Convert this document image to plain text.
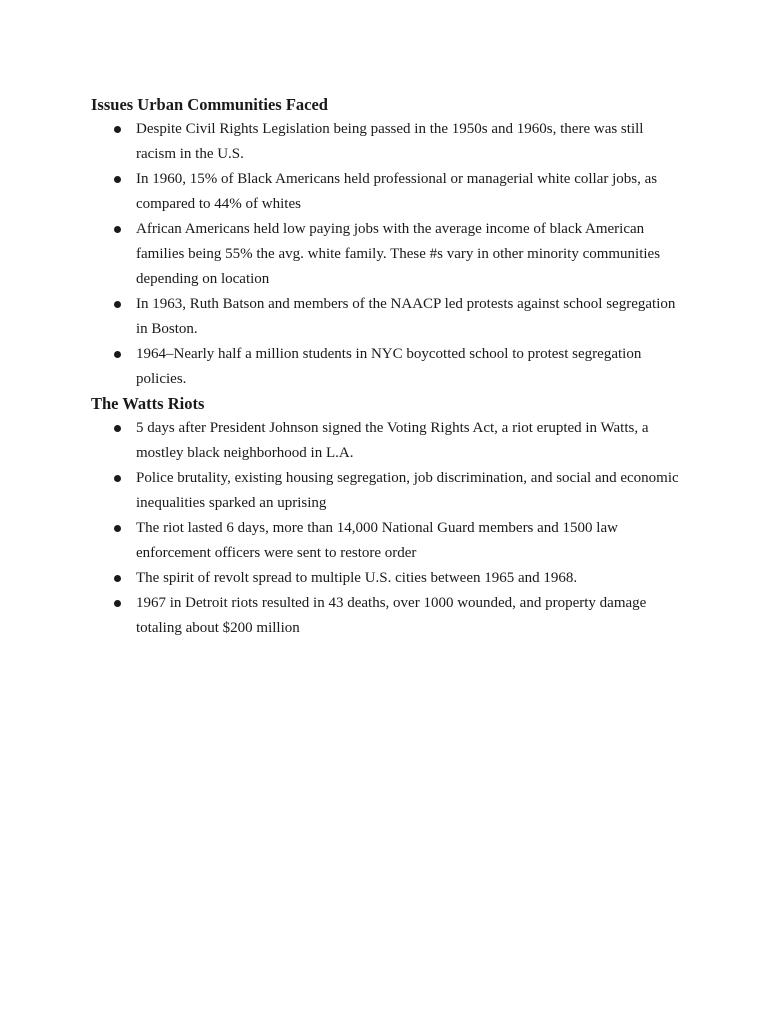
Issues Urban Communities Faced
Despite Civil Rights Legislation being passed in the 1950s and 1960s, there was still racism in the U.S.
In 1960, 15% of Black Americans held professional or managerial white collar jobs, as compared to 44% of whites
African Americans held low paying jobs with the average income of black American families being 55% the avg. white family. These #s vary in other minority communities depending on location
In 1963, Ruth Batson and members of the NAACP led protests against school segregation in Boston.
1964–Nearly half a million students in NYC boycotted school to protest segregation policies.
The Watts Riots
5 days after President Johnson signed the Voting Rights Act, a riot erupted in Watts, a mostley black neighborhood in L.A.
Police brutality, existing housing segregation, job discrimination, and social and economic inequalities sparked an uprising
The riot lasted 6 days, more than 14,000 National Guard members and 1500 law enforcement officers were sent to restore order
The spirit of revolt spread to multiple U.S. cities between 1965 and 1968.
1967 in Detroit riots resulted in 43 deaths, over 1000 wounded, and property damage totaling about $200 million
